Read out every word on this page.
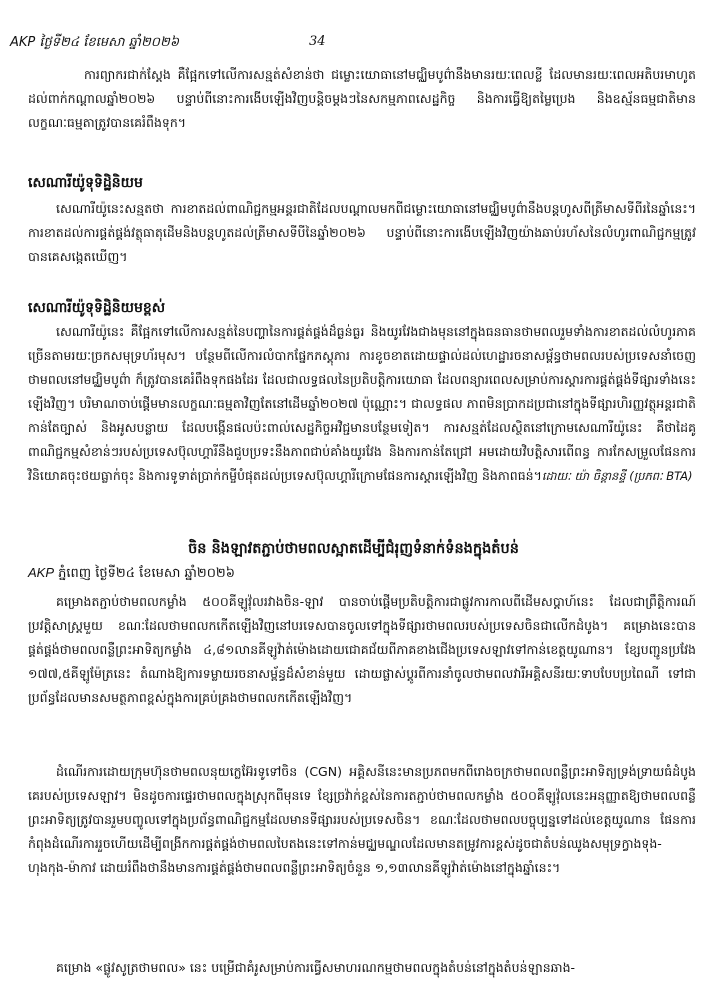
AKP ថ្ងៃទី២៤ ខែមេសា ឆ្នាំ២០២៦	34

ការព្យាករជាក់ស្តែង គឺផ្អែកទៅលើការសន្មត់សំខាន់ថា ជម្លោះយោធានៅមជ្ឈិមបូព៌ានឹងមានរយៈពេលខ្លី ដែលមានរយៈពេលអតិបរមាហូតដល់ពាក់កណ្តាលឆ្នាំ២០២៦ បន្ទាប់ពីនោះការងើបឡើងវិញបន្តិចម្តងៗនៃសកម្មភាពសេដ្ឋកិច្ច និងការធ្វើឱ្យតម្លៃប្រេង និងឧស្ម័នធម្មជាតិមានលក្ខណៈធម្មតាត្រូវបានគេរំពឹងទុក។

សេណារីយ៉ូទុទិដ្ឋិនិយម

សេណារីយ៉ូនេះសន្មតថា ការខាតដល់ពាណិជ្ជកម្មអន្តរជាតិដែលបណ្តាលមកពីជម្លោះយោធានៅមជ្ឈិមបូព៌ានឹងបន្តហូសពីត្រីមាសទីពីរនៃឆ្នាំនេះ។ ការខាតដល់ការផ្គត់ផ្គង់វត្ថុធាតុដើមនិងបន្តហូតដល់ត្រីមាសទីបីនៃឆ្នាំ២០២៦ បន្ទាប់ពីនោះការងើបឡើងវិញយ៉ាងឆាប់រហ័សនៃលំហូរពាណិជ្ជកម្មត្រូវបានគេសង្កេតឃើញ។

សេណារីយ៉ូទុទិដ្ឋិនិយមខ្ពស់

សេណារីយ៉ូនេះ គឺផ្អែកទៅលើការសន្មត់នៃបញ្ហានៃការផ្គត់ផ្គង់ដ៏ធ្ងន់ធ្ងរ និងយូរវែងជាងមុននៅក្នុងធនធានថាមពលរួមទាំងការខាតដល់លំហូរភាគច្រើនតាមរយៈច្រកសមុទ្រហ័រមុស។ បន្ថែមពីលើការលំបាកផ្នែកភស្តុភារ ការខូចខាតដោយផ្ទាល់ដល់ហេដ្ឋារចនាសម្ព័ន្ធថាមពលរបស់ប្រទេសនាំចេញថាមពលនៅមជ្ឈិមបូព៌ា ក៏ត្រូវបានគេរំពឹងទុកផងដែរ ដែលជាលទ្ធផលនៃប្រតិបត្តិការយោធា ដែលពន្យារពេលសម្រាប់ការស្តារការផ្គត់ផ្គង់ទីផ្សារទាំងនេះឡើងវិញ។ បរិមាណចាប់ផ្តើមមានលក្ខណៈធម្មតាវិញតែនៅដើមឆ្នាំ២០២៧ ប៉ុណ្ណោះ។ ជាលទ្ធផល ភាពមិនប្រាកដប្រជានៅក្នុងទីផ្សារហិរញ្ញវត្ថុអន្តរជាតិកាន់តែច្បាស់ និងអូសបន្លាយ ដែលបង្កើនផលប៉ះពាល់សេដ្ឋកិច្ចអវិជ្ជមានបន្ថែមទៀត។ ការសន្មត់ដែលស្ថិតនៅក្រោមសេណារីយ៉ូនេះ គឺថាដៃគូពាណិជ្ជកម្មសំខាន់ៗរបស់ប្រទេសប៊ុលហ្គារីនឹងជួបប្រទះនឹងភាពជាប់គាំងយូរវែង និងការកាន់តែជ្រៅ អមដោយវិបត្តិសារពើពន្ធ ការកែសម្រួលផែនការវិនិយោគចុះថយធ្លាក់ចុះ និងការទូទាត់ប្រាក់កម្ចីបំផុតដល់ប្រទេសប៊ុលហ្គារីក្រោមផែនការស្តារឡើងវិញ និងភាពធន់។ដោយៈ យ៉ា ចិន្តានន្ទី (ប្រភពៈ BTA)

ចិន និងឡាវតភ្ជាប់ថាមពលស្អាតដើម្បីជំរុញទំនាក់ទំនងក្នុងតំបន់
AKP ភ្នំពេញ ថ្ងៃទី២៤ ខែមេសា ឆ្នាំ២០២៦

គម្រោងតភ្ជាប់ថាមពលកម្លាំង ៥០០គីឡូវ៉ុលរវាងចិន-ឡាវ បានចាប់ផ្តើមប្រតិបត្តិការជាផ្លូវការកាលពីដើមសប្តាហ៍នេះ ដែលជាព្រឹត្តិការណ៍ប្រវត្តិសាស្ត្រមួយ ខណៈដែលថាមពលកកើតឡើងវិញនៅបរទេសបានចូលទៅក្នុងទីផ្សារថាមពលរបស់ប្រទេសចិនជាលើកដំបូង។ គម្រោងនេះបានផ្គត់ផ្គង់ថាមពលពន្លឺព្រះអាទិត្យកម្លាំង ៤,៨១លានគីឡូវ៉ាត់ម៉ោងដោយជោគជ័យពីភាគខាងជើងប្រទេសឡាវទៅកាន់ខេត្តយូណាន។ ខ្សែបញ្ជូនប្រវែង ១៧៧,៥គីឡូម៉ែត្រនេះ តំណាងឱ្យការទម្លាយរចនាសម្ព័ន្ធដ៏សំខាន់មួយ ដោយផ្លាស់ប្តូរពីការនាំចូលថាមពលវារីអគ្គិសនីរយៈទាបបែបប្រពៃណី ទៅជាប្រព័ន្ធដែលមានសមត្ថភាពខ្ពស់ក្នុងការគ្រប់គ្រងថាមពលកកើតឡើងវិញ។

ដំណើរការដោយក្រុមហ៊ុនថាមពលនុយក្លេអ៊ែរទូទៅចិន (CGN) អគ្គិសនីនេះមានប្រភពមកពីរោងចក្រថាមពលពន្លឺព្រះអាទិត្យទ្រង់ទ្រាយធំដំបូងគេរបស់ប្រទេសឡាវ។ មិនដូចការផ្ទេរថាមពលក្នុងស្រុកពីមុនទេ ខ្សែច្រវ៉ាក់ខ្ពស់នៃការតភ្ជាប់ថាមពលកម្លាំង ៥០០គីឡូវ៉ុលនេះអនុញ្ញាតឱ្យថាមពលពន្លឺព្រះអាទិត្យត្រូវបានរួមបញ្ចូលទៅក្នុងប្រព័ន្ធពាណិជ្ជកម្មដែលមានទីផ្សាររបស់ប្រទេសចិន។ ខណៈដែលថាមពលបច្ចុប្បន្នទៅដល់ខេត្តយូណាន ផែនការកំពុងដំណើរការរួចហើយដើម្បីពង្រីកការផ្គត់ផ្គង់ថាមពលបៃតងនេះទៅកាន់មជ្ឈមណ្ឌលដែលមានតម្រូវការខ្ពស់ដូចជាតំបន់ឈូងសមុទ្រក្វាងទុង-ហុងកុង-ម៉ាកាវ ដោយរំពឹងថានឹងមានការផ្គត់ផ្គង់ថាមពលពន្លឺព្រះអាទិត្យចំនួន ១,១៣លានគីឡូវ៉ាត់ម៉ោងនៅក្នុងឆ្នាំនេះ។

គម្រោង «ផ្លូវសូត្រថាមពល» នេះ បម្រើជាគំរូសម្រាប់ការធ្វើសមាហរណកម្មថាមពលក្នុងតំបន់នៅក្នុងតំបន់ឡានឆាង-
